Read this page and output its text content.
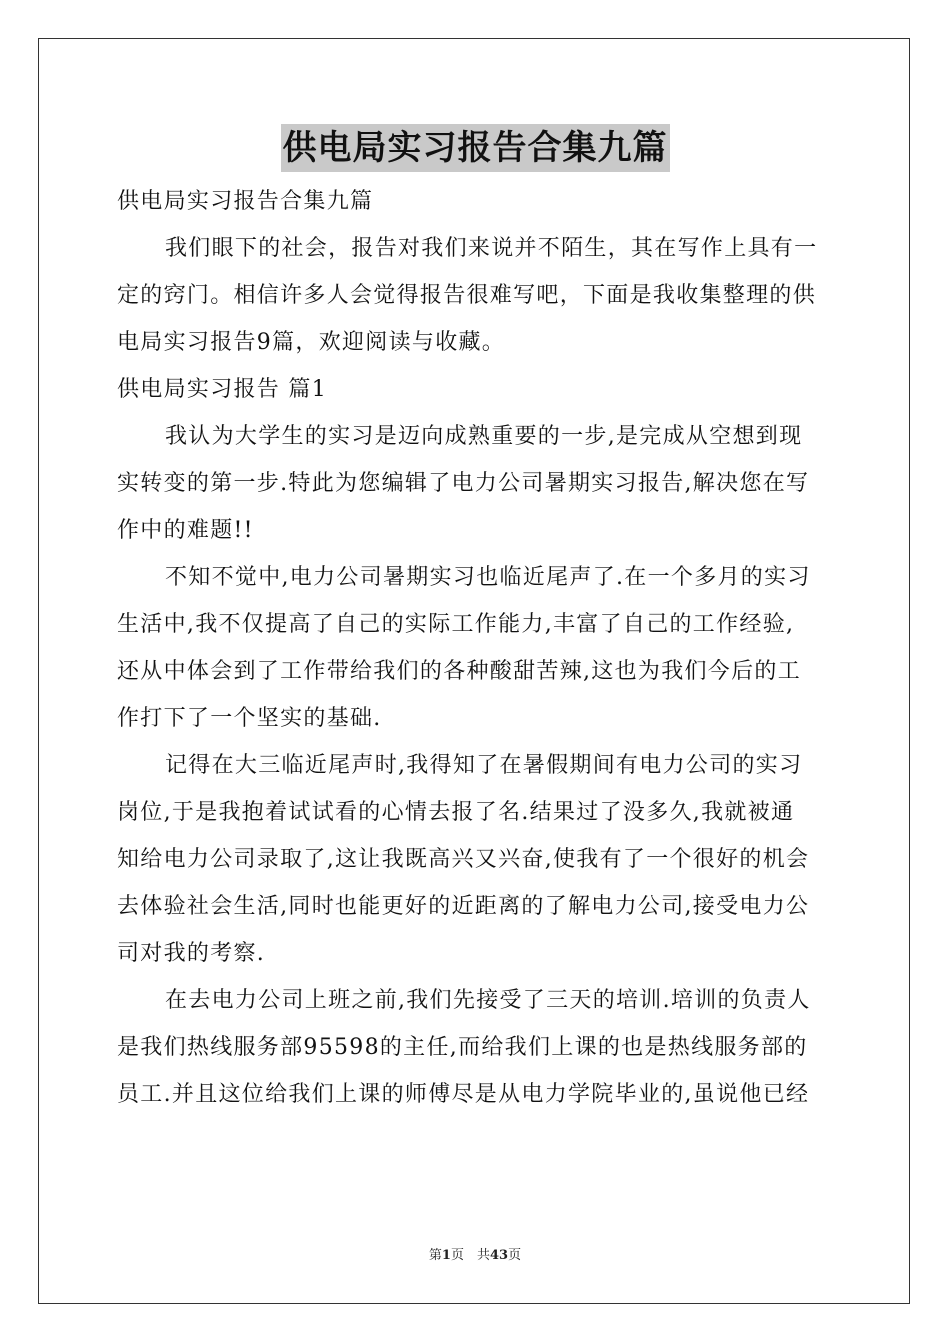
供电局实习报告合集九篇
供电局实习报告合集九篇
我们眼下的社会，报告对我们来说并不陌生，其在写作上具有一
定的窍门。相信许多人会觉得报告很难写吧，下面是我收集整理的供
电局实习报告9篇，欢迎阅读与收藏。
供电局实习报告 篇1
我认为大学生的实习是迈向成熟重要的一步,是完成从空想到现
实转变的第一步.特此为您编辑了电力公司暑期实习报告,解决您在写
作中的难题!!
不知不觉中,电力公司暑期实习也临近尾声了.在一个多月的实习
生活中,我不仅提高了自己的实际工作能力,丰富了自己的工作经验,
还从中体会到了工作带给我们的各种酸甜苦辣,这也为我们今后的工
作打下了一个坚实的基础.
记得在大三临近尾声时,我得知了在暑假期间有电力公司的实习
岗位,于是我抱着试试看的心情去报了名.结果过了没多久,我就被通
知给电力公司录取了,这让我既高兴又兴奋,使我有了一个很好的机会
去体验社会生活,同时也能更好的近距离的了解电力公司,接受电力公
司对我的考察.
在去电力公司上班之前,我们先接受了三天的培训.培训的负责人
是我们热线服务部95598的主任,而给我们上课的也是热线服务部的
员工.并且这位给我们上课的师傅尽是从电力学院毕业的,虽说他已经
第1页　共43页
